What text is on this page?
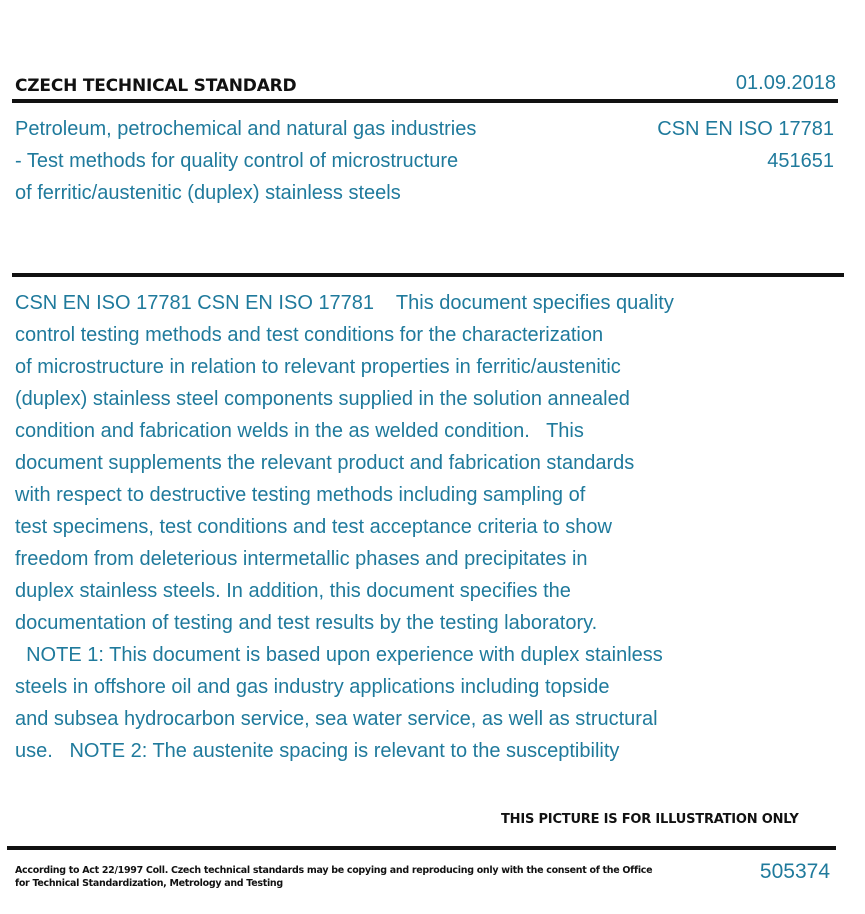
CZECH TECHNICAL STANDARD	01.09.2018
Petroleum, petrochemical and natural gas industries
- Test methods for quality control of microstructure
of ferritic/austenitic (duplex) stainless steels
CSN EN ISO 17781
451651
CSN EN ISO 17781 CSN EN ISO 17781    This document specifies quality
control testing methods and test conditions for the characterization
of microstructure in relation to relevant properties in ferritic/austenitic
(duplex) stainless steel components supplied in the solution annealed
condition and fabrication welds in the as welded condition.   This
document supplements the relevant product and fabrication standards
with respect to destructive testing methods including sampling of
test specimens, test conditions and test acceptance criteria to show
freedom from deleterious intermetallic phases and precipitates in
duplex stainless steels. In addition, this document specifies the
documentation of testing and test results by the testing laboratory.
NOTE 1: This document is based upon experience with duplex stainless
steels in offshore oil and gas industry applications including topside
and subsea hydrocarbon service, sea water service, as well as structural
use.   NOTE 2: The austenite spacing is relevant to the susceptibility
THIS PICTURE IS FOR ILLUSTRATION ONLY
According to Act 22/1997 Coll. Czech technical standards may be copying and reproducing only with the consent of the Office
for Technical Standardization, Metrology and Testing
505374
